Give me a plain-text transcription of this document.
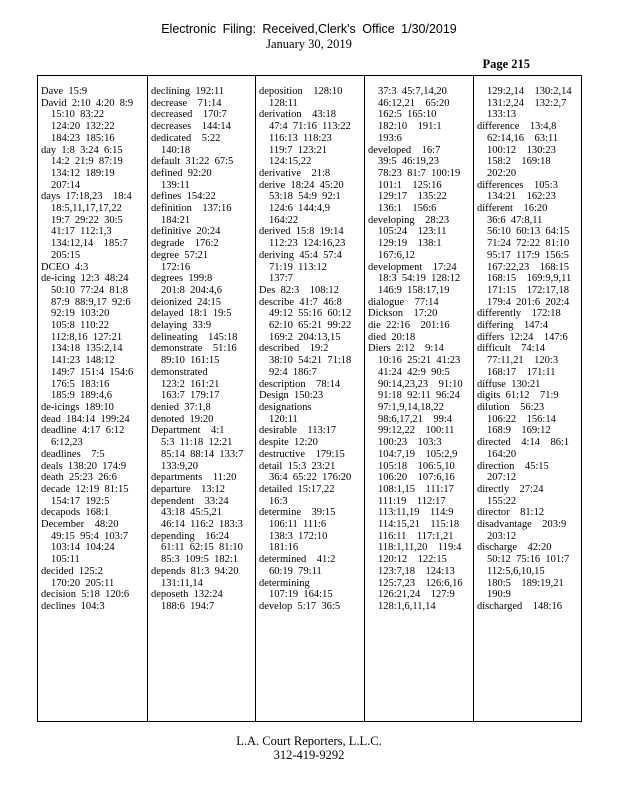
Electronic Filing: Received,Clerk's Office 1/30/2019
January 30, 2019
Page 215
Dave  15:9
David  2:10  4:20  8:9
15:10  83:22
124:20  132:22
184:23  185:16
day  1:8  3:24  6:15
14:2  21:9  87:19
134:12  189:19
207:14
days  17:18,23    18:4
18:5,11,17,17,22
19:7  29:22  30:5
41:17  112:1,3
134:12,14    185:7
205:15
DCEO  4:3
de-icing  12:3  48:24
50:10  77:24  81:8
87:9  88:9,17  92:6
92:19  103:20
105:8  110:22
112:8,16  127:21
134:18  135:2,14
141:23  148:12
149:7  151:4  154:6
176:5  183:16
185:9  189:4,6
de-icings  189:10
dead  184:14  199:24
deadline  4:17  6:12
6:12,23
deadlines    7:5
deals  138:20  174:9
death  25:23  26:6
decade  12:19  81:15
154:17  192:5
decapods  168:1
December    48:20
49:15  95:4  103:7
103:14  104:24
105:11
decided  125:2
170:20  205:11
decision  5:18  120:6
declines  104:3
declining  192:11
decrease    71:14
decreased    170:7
decreases    144:14
dedicated    5:22
140:18
default  31:22  67:5
defined  92:20
139:11
defines  154:22
definition    137:16
184:21
definitive  20:24
degrade    176:2
degree  57:21
172:16
degrees  199:8
201:8  204:4,6
deionized  24:15
delayed  18:1  19:5
delaying  33:9
delineating    145:18
demonstrate    51:16
89:10  161:15
demonstrated
123:2  161:21
163:7  179:17
denied  37:1,8
denoted  19:20
Department    4:1
5:3  11:18  12:21
85:14  88:14  133:7
133:9,20
departments    11:20
departure    13:12
dependent    33:24
43:18  45:5,21
46:14  116:2  183:3
depending    16:24
61:11  62:15  81:10
85:3  109:5  182:1
depends  81:3  94:20
131:11,14
deposeth  132:24
188:6  194:7
deposition    128:10
128:11
derivation    43:18
47:4  71:16  113:22
116:13  118:23
119:7  123:21
124:15,22
derivative    21:8
derive  18:24  45:20
53:18  54:9  92:1
124:6  144:4,9
164:22
derived  15:8  19:14
112:23  124:16,23
deriving  45:4  57:4
71:19  113:12
137:7
Des  82:3    108:12
describe  41:7  46:8
49:12  55:16  60:12
62:10  65:21  99:22
169:2  204:13,15
described    19:2
38:10  54:21  71:18
92:4  186:7
description    78:14
Design  150:23
designations
120:11
desirable    113:17
despite  12:20
destructive    179:15
detail  15:3  23:21
36:4  65:22  176:20
detailed  15:17,22
16:3
determine    39:15
106:11  111:6
138:3  172:10
181:16
determined    41:2
60:19  79:11
determining
107:19  164:15
develop  5:17  36:5
37:3  45:7,14,20
46:12,21    65:20
162:5  165:10
182:10    191:1
193:6
developed    16:7
39:5  46:19,23
78:23  81:7  100:19
101:1    125:16
129:17    135:22
136:1    156:6
developing    28:23
105:24    123:11
129:19    138:1
167:6,12
development    17:24
18:3  54:19  128:12
146:9  158:17,19
dialogue    77:14
Dickson    17:20
die  22:16    201:16
died  20:18
Diers  2:12    9:14
10:16  25:21  41:23
41:24  42:9  90:5
90:14,23,23    91:10
91:18  92:11  96:24
97:1,9,14,18,22
98:6,17,21    99:4
99:12,22    100:11
100:23    103:3
104:7,19    105:2,9
105:18    106:5,10
106:20    107:6,16
108:1,15    111:17
111:19    112:17
113:11,19    114:9
114:15,21    115:18
116:11    117:1,21
118:1,11,20    119:4
120:12    122:15
123:7,18    124:13
125:7,23    126:6,16
126:21,24    127:9
128:1,6,11,14
129:2,14    130:2,14
131:2,24    132:2,7
133:13
difference    13:4,8
62:14,16    63:11
100:12    130:23
158:2    169:18
202:20
differences    105:3
134:21    162:23
different    16:20
36:6  47:8,11
56:10  60:13  64:15
71:24  72:22  81:10
95:17  117:9  156:5
167:22,23    168:15
168:15    169:9,9,11
171:15    172:17,18
179:4  201:6  202:4
differently    172:18
differing    147:4
differs  12:24    147:6
difficult    74:14
77:11,21    120:3
168:17    171:11
diffuse  130:21
digits  61:12    71:9
dilution    56:23
106:22    156:14
168:9    169:12
directed    4:14    86:1
164:20
direction    45:15
207:12
directly    27:24
155:22
director    81:12
disadvantage    203:9
203:12
discharge    42:20
50:12  75:16  101:7
112:5,6,10,15
180:5    189:19,21
190:9
discharged    148:16
L.A. Court Reporters, L.L.C.
312-419-9292
